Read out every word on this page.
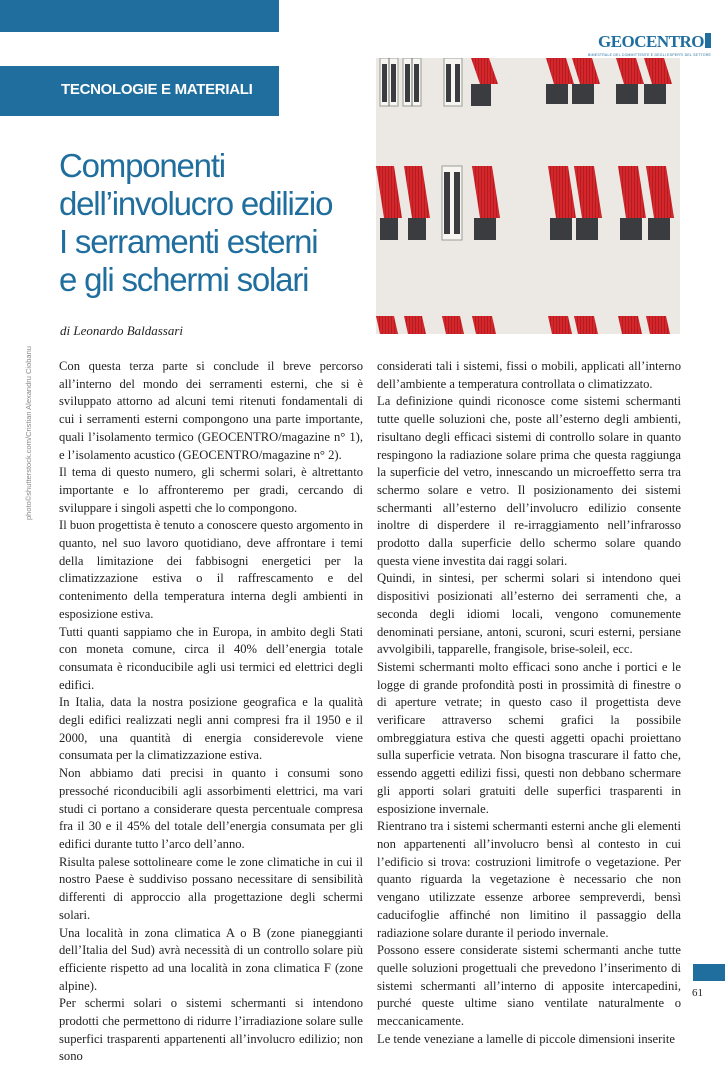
GEOCENTRO
BIMESTRALE DEL COMMITTENTE E DEGLI ESPERTI DEL SETTORE
TECNOLOGIE E MATERIALI
Componenti
dell’involucro edilizio
I serramenti esterni
e gli schermi solari
di Leonardo Baldassari
photo©shutterstock.com/Cristian Alexandru Ciobanu Con questa terza parte si conclude il breve percorso all’interno del mondo dei serramenti esterni, che si è sviluppato attorno ad alcuni temi ritenuti fondamentali di cui i serramenti esterni compongono una parte importante, quali l’isolamento termico (GEOCENTRO/magazine n° 1), e l’isolamento acustico (GEOCENTRO/magazine n° 2).

Il tema di questo numero, gli schermi solari, è altrettanto importante e lo affronteremo per gradi, cercando di sviluppare i singoli aspetti che lo compongono.

Il buon progettista è tenuto a conoscere questo argomento in quanto, nel suo lavoro quotidiano, deve affrontare i temi della limitazione dei fabbisogni energetici per la climatizzazione estiva o il raffrescamento e del contenimento della temperatura interna degli ambienti in esposizione estiva.

Tutti quanti sappiamo che in Europa, in ambito degli Stati con moneta comune, circa il 40% dell’energia totale consumata è riconducibile agli usi termici ed elettrici degli edifici.

In Italia, data la nostra posizione geografica e la qualità degli edifici realizzati negli anni compresi fra il 1950 e il 2000, una quantità di energia considerevole viene consumata per la climatizzazione estiva.

Non abbiamo dati precisi in quanto i consumi sono pressoché riconducibili agli assorbimenti elettrici, ma vari studi ci portano a considerare questa percentuale compresa fra il 30 e il 45% del totale dell’energia consumata per gli edifici durante tutto l’arco dell’anno.

Risulta palese sottolineare come le zone climatiche in cui il nostro Paese è suddiviso possano necessitare di sensibilità differenti di approccio alla progettazione degli schermi solari.

Una località in zona climatica A o B (zone pianeggianti dell’Italia del Sud) avrà necessità di un controllo solare più efficiente rispetto ad una località in zona climatica F (zone alpine).

Per schermi solari o sistemi schermanti si intendono prodotti che permettono di ridurre l’irradiazione solare sulle superfici trasparenti appartenenti all’involucro edilizio; non sono

considerati tali i sistemi, fissi o mobili, applicati all’interno dell’ambiente a temperatura controllata o climatizzato.

La definizione quindi riconosce come sistemi schermanti tutte quelle soluzioni che, poste all’esterno degli ambienti, risultano degli efficaci sistemi di controllo solare in quanto respingono la radiazione solare prima che questa raggiunga la superficie del vetro, innescando un microeffetto serra tra schermo solare e vetro. Il posizionamento dei sistemi schermanti all’esterno dell’involucro edilizio consente inoltre di disperdere il re-irraggiamento nell’infrarosso prodotto dalla superficie dello schermo solare quando questa viene investita dai raggi solari.

Quindi, in sintesi, per schermi solari si intendono quei dispositivi posizionati all’esterno dei serramenti che, a seconda degli idiomi locali, vengono comunemente denominati persiane, antoni, scuroni, scuri esterni, persiane avvolgibili, tapparelle, frangisole, brise-soleil, ecc.

Sistemi schermanti molto efficaci sono anche i portici e le logge di grande profondità posti in prossimità di finestre o di aperture vetrate; in questo caso il progettista deve verificare attraverso schemi grafici la possibile ombreggiatura estiva che questi aggetti opachi proiettano sulla superficie vetrata. Non bisogna trascurare il fatto che, essendo aggetti edilizi fissi, questi non debbano schermare gli apporti solari gratuiti delle superfici trasparenti in esposizione invernale.

Rientrano tra i sistemi schermanti esterni anche gli elementi non appartenenti all’involucro bensì al contesto in cui l’edificio si trova: costruzioni limitrofe o vegetazione. Per quanto riguarda la vegetazione è necessario che non vengano utilizzate essenze arboree sempreverdi, bensì caducifoglie affinché non limitino il passaggio della radiazione solare durante il periodo invernale.

Possono essere considerate sistemi schermanti anche tutte quelle soluzioni progettuali che prevedono l’inserimento di sistemi schermanti all’interno di apposite intercapedini, purché queste ultime siano ventilate naturalmente o meccanicamente.

Le tende veneziane a lamelle di piccole dimensioni inserite

61
